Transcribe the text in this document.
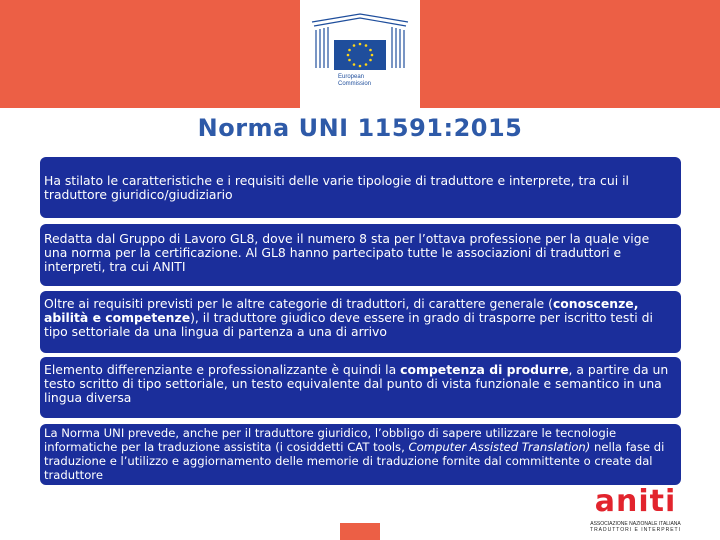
European
Commission
Norma UNI 11591:2015
Ha stilato le caratteristiche e i requisiti delle varie tipologie di traduttore e interprete, tra cui il traduttore giuridico/giudiziario
Redatta dal Gruppo di Lavoro GL8, dove il numero 8 sta per l’ottava professione per la quale vige una norma per la certificazione. Al GL8 hanno partecipato tutte le associazioni di traduttori e interpreti, tra cui ANITI
Oltre ai requisiti previsti per le altre categorie di traduttori, di carattere generale (conoscenze, abilità e competenze), il traduttore giudico deve essere in grado di trasporre per iscritto testi di tipo settoriale da una lingua di partenza a una di arrivo
Elemento differenziante e professionalizzante è quindi la competenza di produrre, a partire da un testo scritto di tipo settoriale, un testo equivalente dal punto di vista funzionale e semantico in una lingua diversa
La Norma UNI prevede, anche per il traduttore giuridico, l’obbligo di sapere utilizzare le tecnologie informatiche per la traduzione assistita (i cosiddetti CAT tools, Computer Assisted Translation) nella fase di traduzione e l’utilizzo e aggiornamento delle memorie di traduzione fornite dal committente o create dal traduttore
aniti
ASSOCIAZIONE NAZIONALE ITALIANA
TRADUTTORI E INTERPRETI
